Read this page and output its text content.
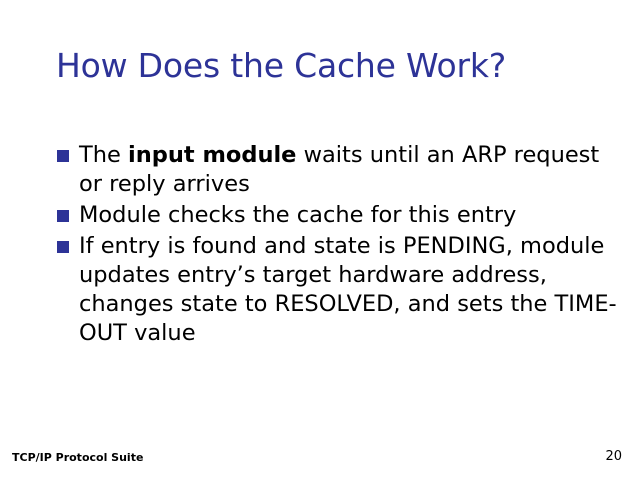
How Does the Cache Work?
The input module waits until an ARP request or reply arrives
Module checks the cache for this entry
If entry is found and state is PENDING, module updates entry’s target hardware address, changes state to RESOLVED, and sets the TIME-OUT value
TCP/IP Protocol Suite	20
